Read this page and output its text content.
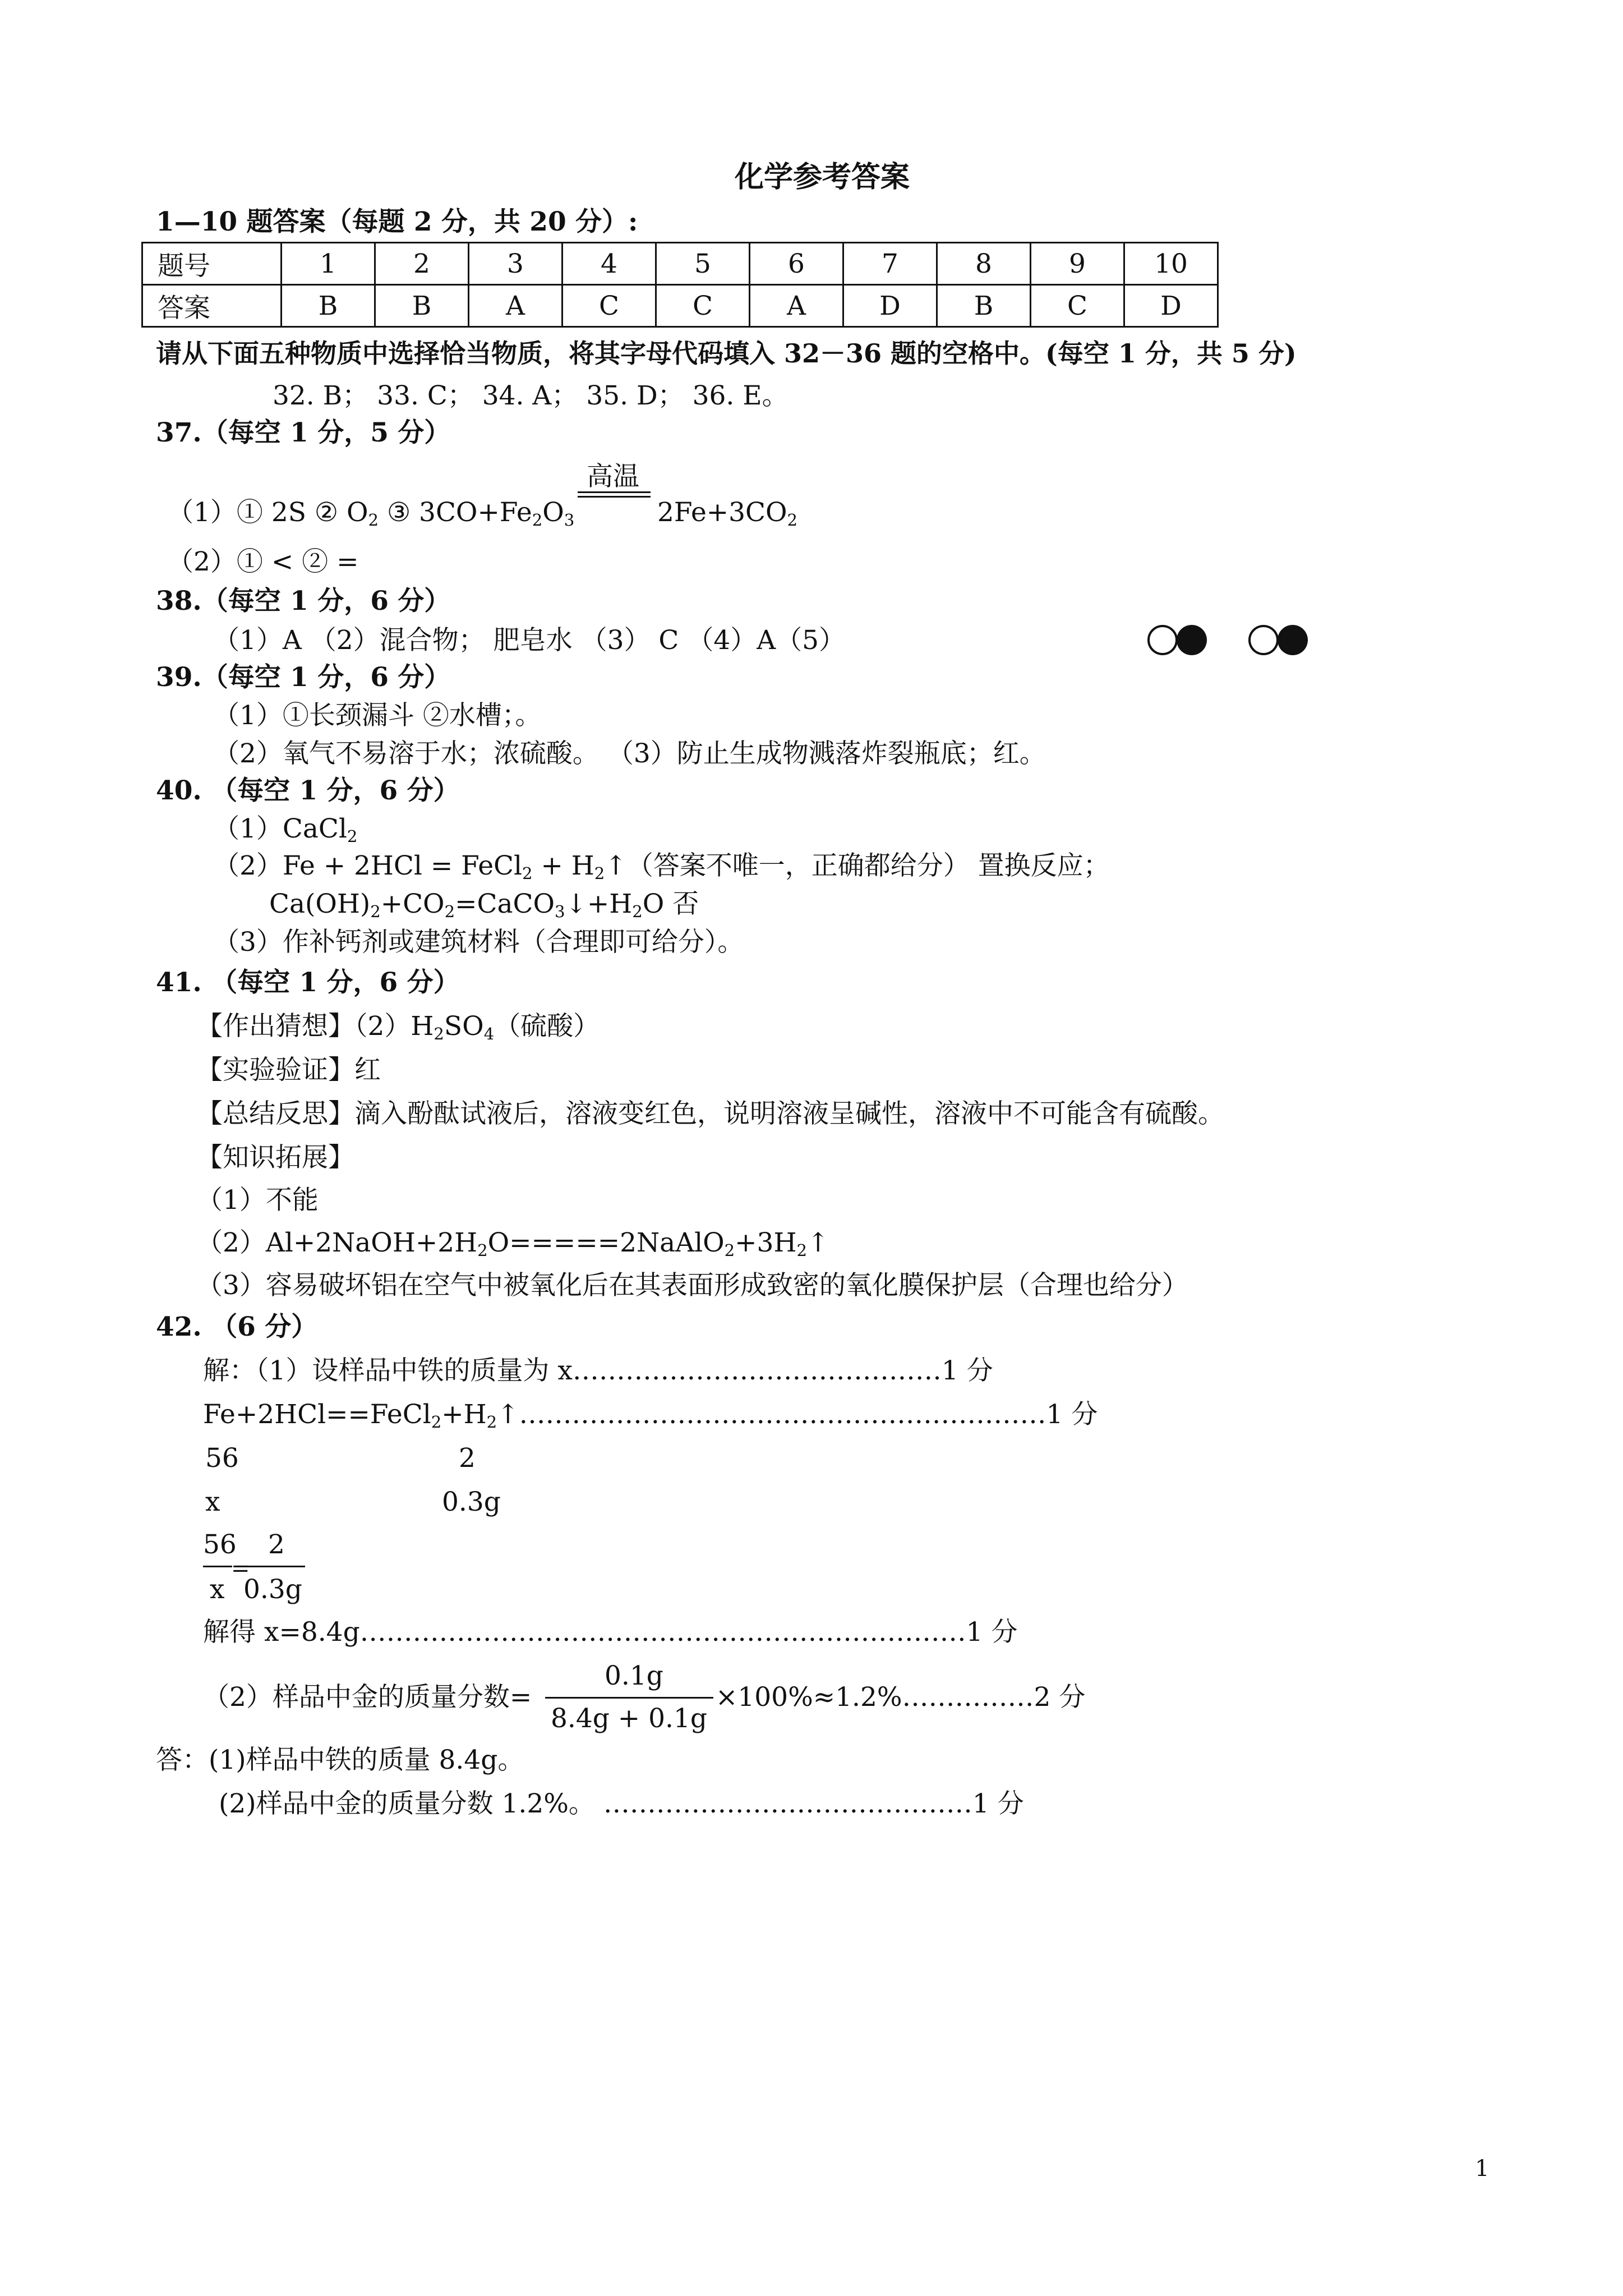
化学参考答案
1—10 题答案（每题 2 分，共 20 分）:
题号	1	2	3	4	5	6	7	8	9	10
答案	B	B	A	C	C	A	D	B	C	D
请从下面五种物质中选择恰当物质，将其字母代码填入 32－36 题的空格中。(每空 1 分，共 5 分)
32. B； 33. C； 34. A； 35. D； 36. E。
37.（每空 1 分，5 分）
高温
（1）① 2S ② $O_2$ ③ $3CO+Fe_2O_3$	$2Fe+3CO_2$
（2）① < ② =
38.（每空 1 分，6 分）
（1）A （2）混合物； 肥皂水 （3） C （4）A（5）
39.（每空 1 分，6 分）
（1）①长颈漏斗 ②水槽；。
（2）氧气不易溶于水；浓硫酸。 （3）防止生成物溅落炸裂瓶底；红。
40. （每空 1 分，6 分）
（1）CaCl$_2$
（2）Fe + 2HCl = FeCl$_2$ + $H_2↑$（答案不唯一，正确都给分） 置换反应；
$Ca(OH)_2+CO_2=CaCO_3↓+H_2O$ 否
（3）作补钙剂或建筑材料（合理即可给分）。
41. （每空 1 分，6 分）
【作出猜想】$(2)H_2SO_4$（硫酸）
【实验验证】红
【总结反思】滴入酚酞试液后，溶液变红色，说明溶液呈碱性，溶液中不可能含有硫酸。
【知识拓展】
（1）不能
$(2)Al+2NaOH+2H_2O=====2NaAlO_2+3H_2↑$
（3）容易破坏铝在空气中被氧化后在其表面形成致密的氧化膜保护层（合理也给分）
42. （6 分）
解：（1）设样品中铁的质量为 x……………………………………1 分
$Fe+2HCl==FeCl_2+H_2↑\dots\dots\dots\dots\dots\dots\dots\dots\dots\dots\dots\dots\dots\dots\dots\dots\dots\dots\dots\dots 1$ 分
56	2
x	0.3g
56 2
=
x 0.3g
解得 x=8.4g……………………………………………………………1 分
（2）样品中金的质量分数=
0.1g
8.4g + 0.1g
×100%≈1.2%……………2 分
答：(1)样品中铁的质量 8.4g。
(2)样品中金的质量分数 1.2%。 ……………………………………1 分
1
